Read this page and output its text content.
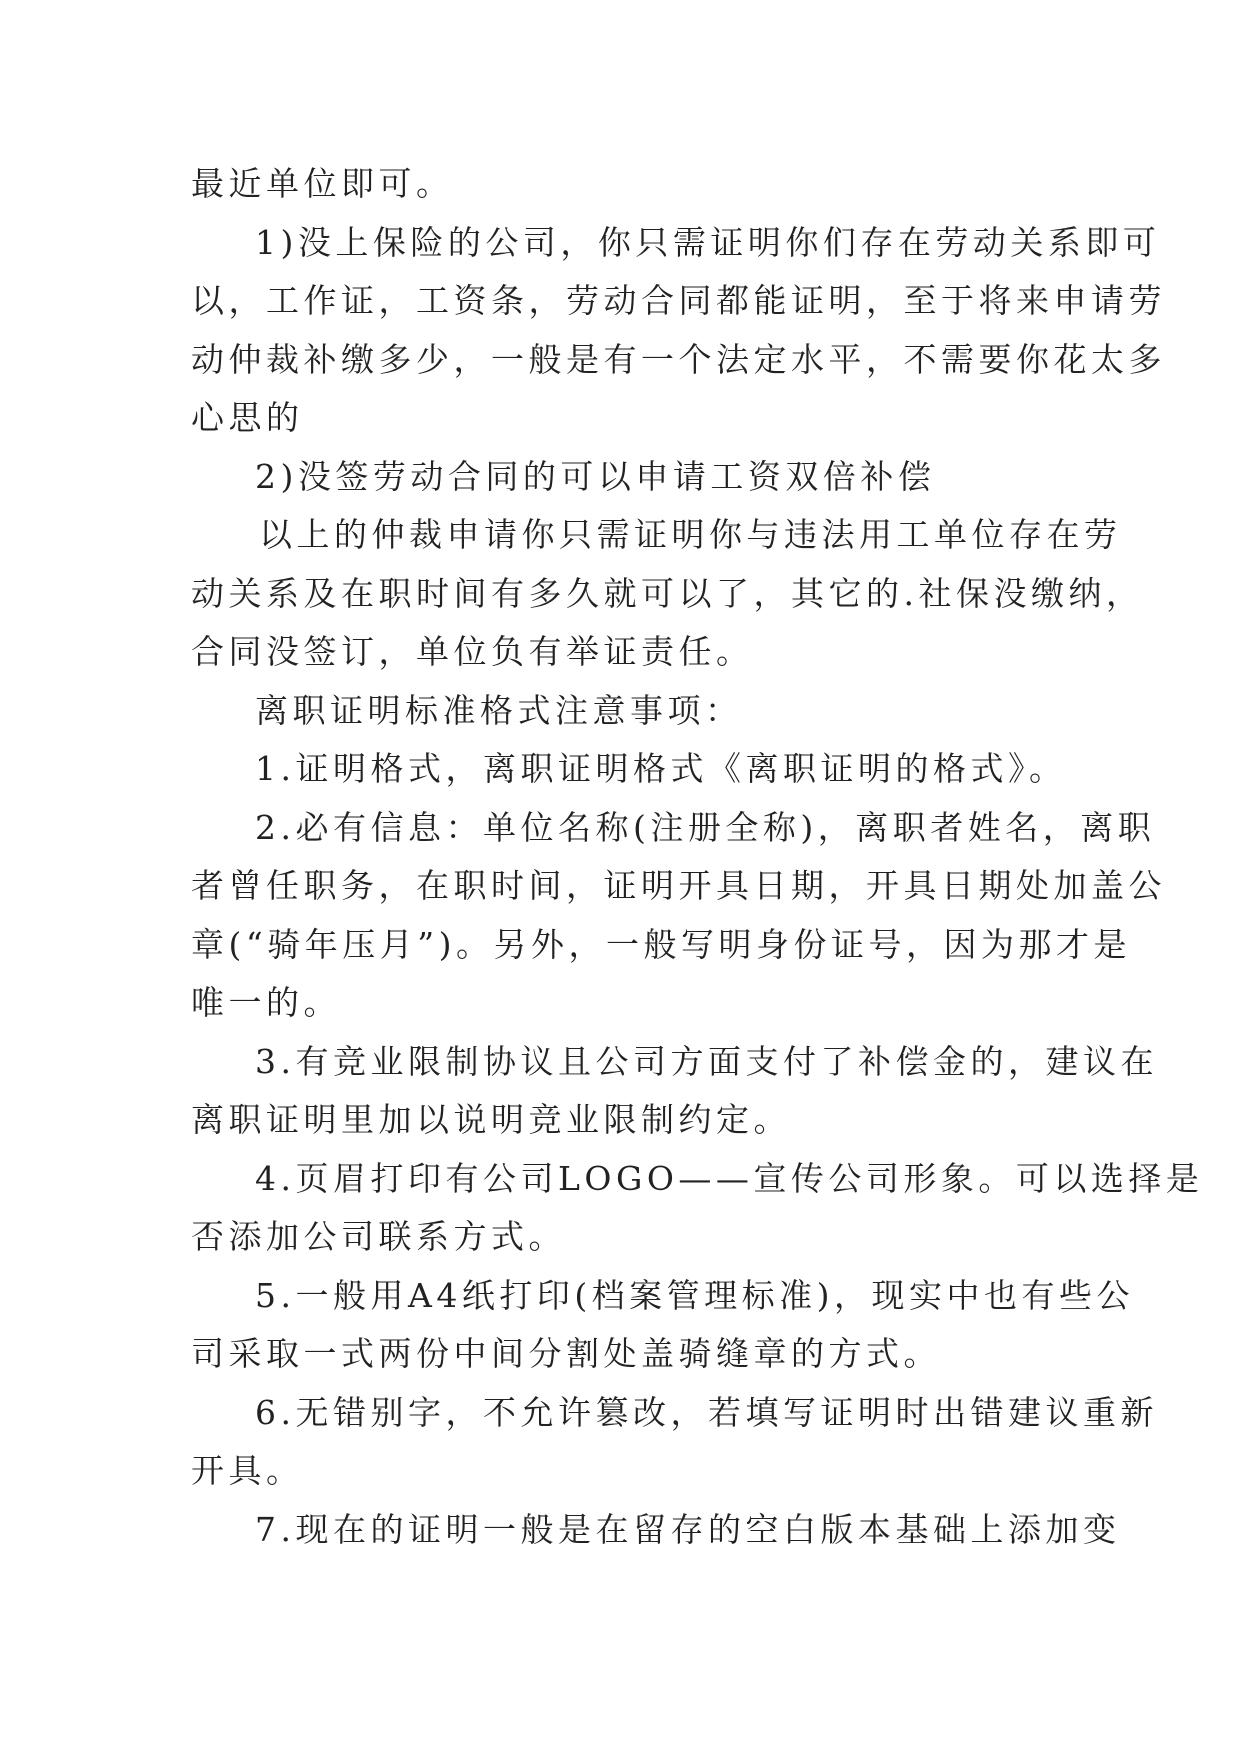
最近单位即可。
1)没上保险的公司，你只需证明你们存在劳动关系即可
以，工作证，工资条，劳动合同都能证明，至于将来申请劳
动仲裁补缴多少，一般是有一个法定水平，不需要你花太多
心思的
2)没签劳动合同的可以申请工资双倍补偿
以上的仲裁申请你只需证明你与违法用工单位存在劳
动关系及在职时间有多久就可以了，其它的.社保没缴纳，
合同没签订，单位负有举证责任。
离职证明标准格式注意事项：
1.证明格式，离职证明格式《离职证明的格式》。
2.必有信息：单位名称(注册全称)，离职者姓名，离职
者曾任职务，在职时间，证明开具日期，开具日期处加盖公
章(“骑年压月”)。另外，一般写明身份证号，因为那才是
唯一的。
3.有竞业限制协议且公司方面支付了补偿金的，建议在
离职证明里加以说明竞业限制约定。
4.页眉打印有公司LOGO——宣传公司形象。可以选择是
否添加公司联系方式。
5.一般用A4纸打印(档案管理标准)，现实中也有些公
司采取一式两份中间分割处盖骑缝章的方式。
6.无错别字，不允许篡改，若填写证明时出错建议重新
开具。
7.现在的证明一般是在留存的空白版本基础上添加变
